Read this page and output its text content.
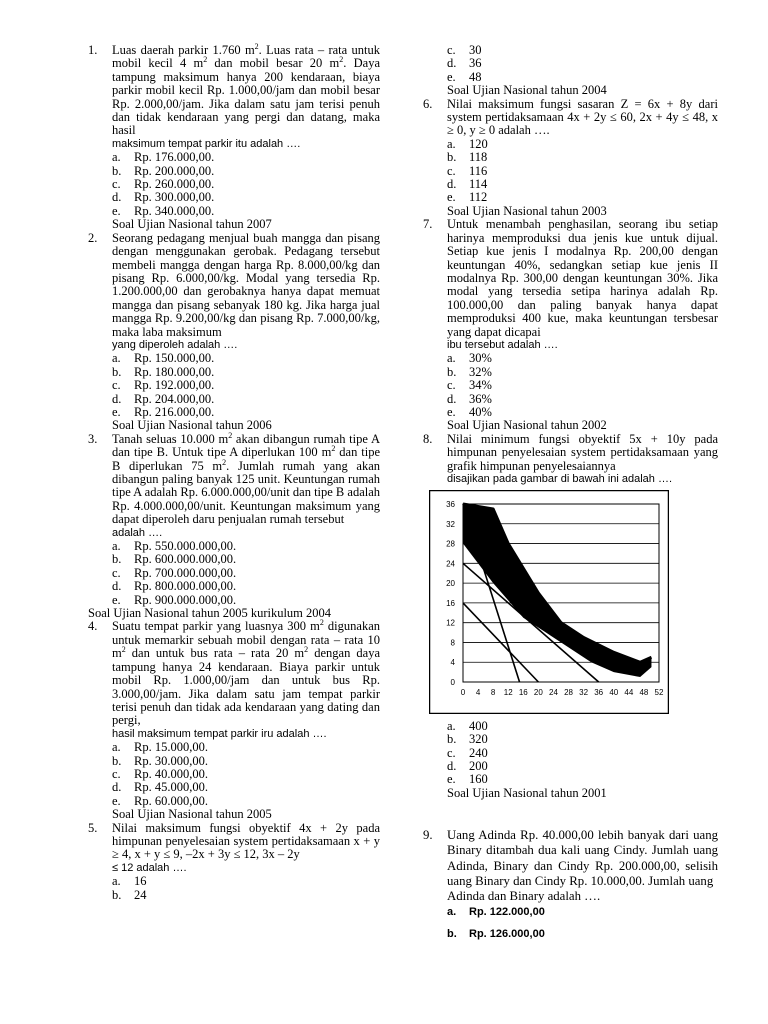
1. Luas daerah parkir 1.760 $m^2$. Luas rata – rata untuk mobil kecil 4 $m^2$ dan mobil besar 20 $m^2$. Daya tampung maksimum hanya 200 kendaraan, biaya parkir mobil kecil Rp. 1.000,00/jam dan mobil besar Rp. 2.000,00/jam. Jika dalam satu jam terisi penuh dan tidak kendaraan yang pergi dan datang, maka hasil
maksimum tempat parkir itu adalah ….
a.	Rp. 176.000,00.
b.	Rp. 200.000,00.
c.	Rp. 260.000,00.
d.	Rp. 300.000,00.
e.	Rp. 340.000,00.
Soal Ujian Nasional tahun 2007
2. Seorang pedagang menjual buah mangga dan pisang dengan menggunakan gerobak. Pedagang tersebut membeli mangga dengan harga Rp. 8.000,00/kg dan pisang Rp. 6.000,00/kg. Modal yang tersedia Rp. 1.200.000,00 dan gerobaknya hanya dapat memuat mangga dan pisang sebanyak 180 kg. Jika harga jual mangga Rp. 9.200,00/kg dan pisang Rp. 7.000,00/kg, maka laba maksimum
yang diperoleh adalah ….
a.	Rp. 150.000,00.
b.	Rp. 180.000,00.
c.	Rp. 192.000,00.
d.	Rp. 204.000,00.
e.	Rp. 216.000,00.
Soal Ujian Nasional tahun 2006
3. Tanah seluas 10.000 $m^2$ akan dibangun rumah tipe A dan tipe B. Untuk tipe A diperlukan 100 $m^2$ dan tipe B diperlukan 75 $m^2$. Jumlah rumah yang akan dibangun paling banyak 125 unit. Keuntungan rumah tipe A adalah Rp. 6.000.000,00/unit dan tipe B adalah Rp. 4.000.000,00/unit. Keuntungan maksimum yang dapat diperoleh daru penjualan rumah tersebut
adalah ….
a.	Rp. 550.000.000,00.
b.	Rp. 600.000.000,00.
c.	Rp. 700.000.000,00.
d.	Rp. 800.000.000,00.
e.	Rp. 900.000.000,00.
Soal Ujian Nasional tahun 2005 kurikulum 2004
4. Suatu tempat parkir yang luasnya 300 $m^2$ digunakan untuk memarkir sebuah mobil dengan rata – rata 10 $m^2$ dan untuk bus rata – rata 20 $m^2$ dengan daya tampung hanya 24 kendaraan. Biaya parkir untuk mobil Rp. 1.000,00/jam dan untuk bus Rp. 3.000,00/jam. Jika dalam satu jam tempat parkir terisi penuh dan tidak ada kendaraan yang dating dan pergi,
hasil maksimum tempat parkir iru adalah ….
a.	Rp. 15.000,00.
b.	Rp. 30.000,00.
c.	Rp. 40.000,00.
d.	Rp. 45.000,00.
e.	Rp. 60.000,00.
Soal Ujian Nasional tahun 2005
5. Nilai maksimum fungsi obyektif 4x + 2y pada himpunan penyelesaian system pertidaksamaan x + y ≥ 4, x + y ≤ 9, –2x + 3y ≤ 12, 3x – 2y
≤ 12 adalah ….
a.	16
b.	24
c.	30
d.	36
e.	48
Soal Ujian Nasional tahun 2004
6. Nilai maksimum fungsi sasaran Z = 6x + 8y dari system pertidaksamaan 4x + 2y ≤ 60, 2x + 4y ≤ 48, x ≥ 0, y ≥ 0 adalah ….
a.	120
b.	118
c.	116
d.	114
e.	112
Soal Ujian Nasional tahun 2003
7. Untuk menambah penghasilan, seorang ibu setiap harinya memproduksi dua jenis kue untuk dijual. Setiap kue jenis I modalnya Rp. 200,00 dengan keuntungan 40%, sedangkan setiap kue jenis II modalnya Rp. 300,00 dengan keuntungan 30%. Jika modal yang tersedia setipa harinya adalah Rp. 100.000,00 dan paling banyak hanya dapat memproduksi 400 kue, maka keuntungan tersbesar yang dapat dicapai
ibu tersebut adalah ….
a.	30%
b.	32%
c.	34%
d.	36%
e.	40%
Soal Ujian Nasional tahun 2002
8. Nilai minimum fungsi obyektif 5x + 10y pada himpunan penyelesaian system pertidaksamaan yang grafik himpunan penyelesaiannya
disajikan pada gambar di bawah ini adalah ….
0
4
8
12
16
20
24
28
32
36
0 4 8 12 16 20 24 28 32 36 40 44 48 52
a.	400
b.	320
c.	240
d.	200
e.	160
Soal Ujian Nasional tahun 2001
9. Uang Adinda Rp. 40.000,00 lebih banyak dari uang Binary ditambah dua kali uang Cindy. Jumlah uang Adinda, Binary dan Cindy Rp. 200.000,00, selisih uang Binary dan Cindy Rp. 10.000,00. Jumlah uang
Adinda dan Binary adalah ….
a.	Rp. 122.000,00
b.	Rp. 126.000,00
